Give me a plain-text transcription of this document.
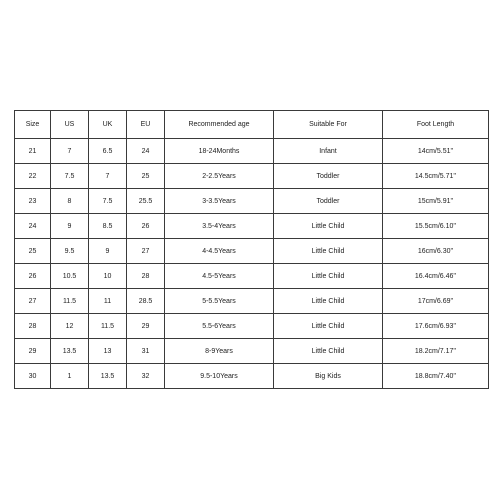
Size	US	UK	EU	Recommended age	Suitable For	Foot Length
21	7	6.5	24	18-24Months	Infant	14cm/5.51''
22	7.5	7	25	2-2.5Years	Toddler	14.5cm/5.71''
23	8	7.5	25.5	3-3.5Years	Toddler	15cm/5.91''
24	9	8.5	26	3.5-4Years	Little Child	15.5cm/6.10''
25	9.5	9	27	4-4.5Years	Little Child	16cm/6.30''
26	10.5	10	28	4.5-5Years	Little Child	16.4cm/6.46''
27	11.5	11	28.5	5-5.5Years	Little Child	17cm/6.69''
28	12	11.5	29	5.5-6Years	Little Child	17.6cm/6.93''
29	13.5	13	31	8-9Years	Little Child	18.2cm/7.17''
30	1	13.5	32	9.5-10Years	Big Kids	18.8cm/7.40''
